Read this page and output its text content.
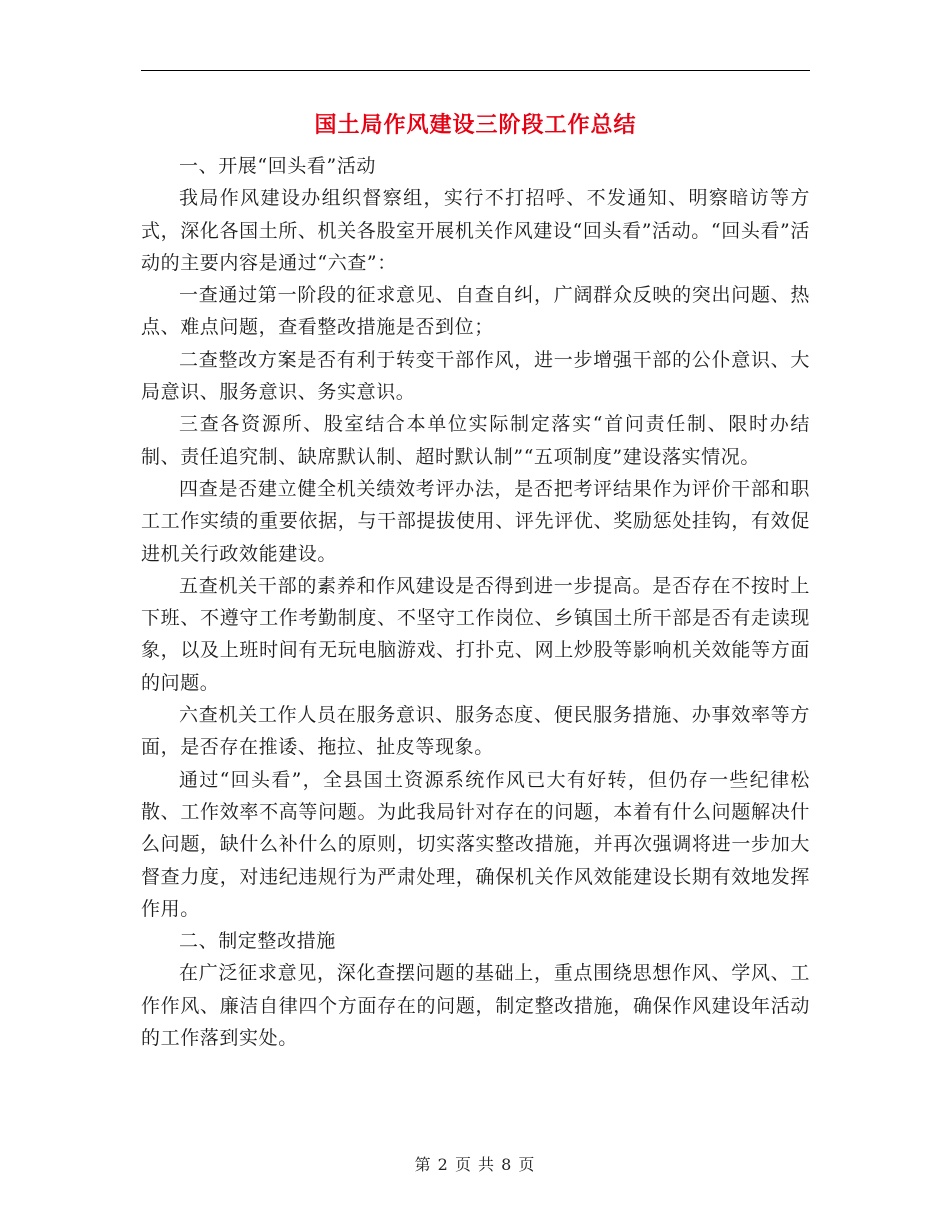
国土局作风建设三阶段工作总结

一、开展“回头看”活动

我局作风建设办组织督察组，实行不打招呼、不发通知、明察暗访等方式，深化各国土所、机关各股室开展机关作风建设“回头看”活动。“回头看”活动的主要内容是通过“六查”：

一查通过第一阶段的征求意见、自查自纠，广阔群众反映的突出问题、热点、难点问题，查看整改措施是否到位；

二查整改方案是否有利于转变干部作风，进一步增强干部的公仆意识、大局意识、服务意识、务实意识。

三查各资源所、股室结合本单位实际制定落实“首问责任制、限时办结制、责任追究制、缺席默认制、超时默认制”“五项制度”建设落实情况。

四查是否建立健全机关绩效考评办法，是否把考评结果作为评价干部和职工工作实绩的重要依据，与干部提拔使用、评先评优、奖励惩处挂钩，有效促进机关行政效能建设。

五查机关干部的素养和作风建设是否得到进一步提高。是否存在不按时上下班、不遵守工作考勤制度、不坚守工作岗位、乡镇国土所干部是否有走读现象，以及上班时间有无玩电脑游戏、打扑克、网上炒股等影响机关效能等方面的问题。

六查机关工作人员在服务意识、服务态度、便民服务措施、办事效率等方面，是否存在推诿、拖拉、扯皮等现象。

通过“回头看”，全县国土资源系统作风已大有好转，但仍存一些纪律松散、工作效率不高等问题。为此我局针对存在的问题，本着有什么问题解决什么问题，缺什么补什么的原则，切实落实整改措施，并再次强调将进一步加大督查力度，对违纪违规行为严肃处理，确保机关作风效能建设长期有效地发挥作用。

二、制定整改措施

在广泛征求意见，深化查摆问题的基础上，重点围绕思想作风、学风、工作作风、廉洁自律四个方面存在的问题，制定整改措施，确保作风建设年活动的工作落到实处。

第 2 页 共 8 页
